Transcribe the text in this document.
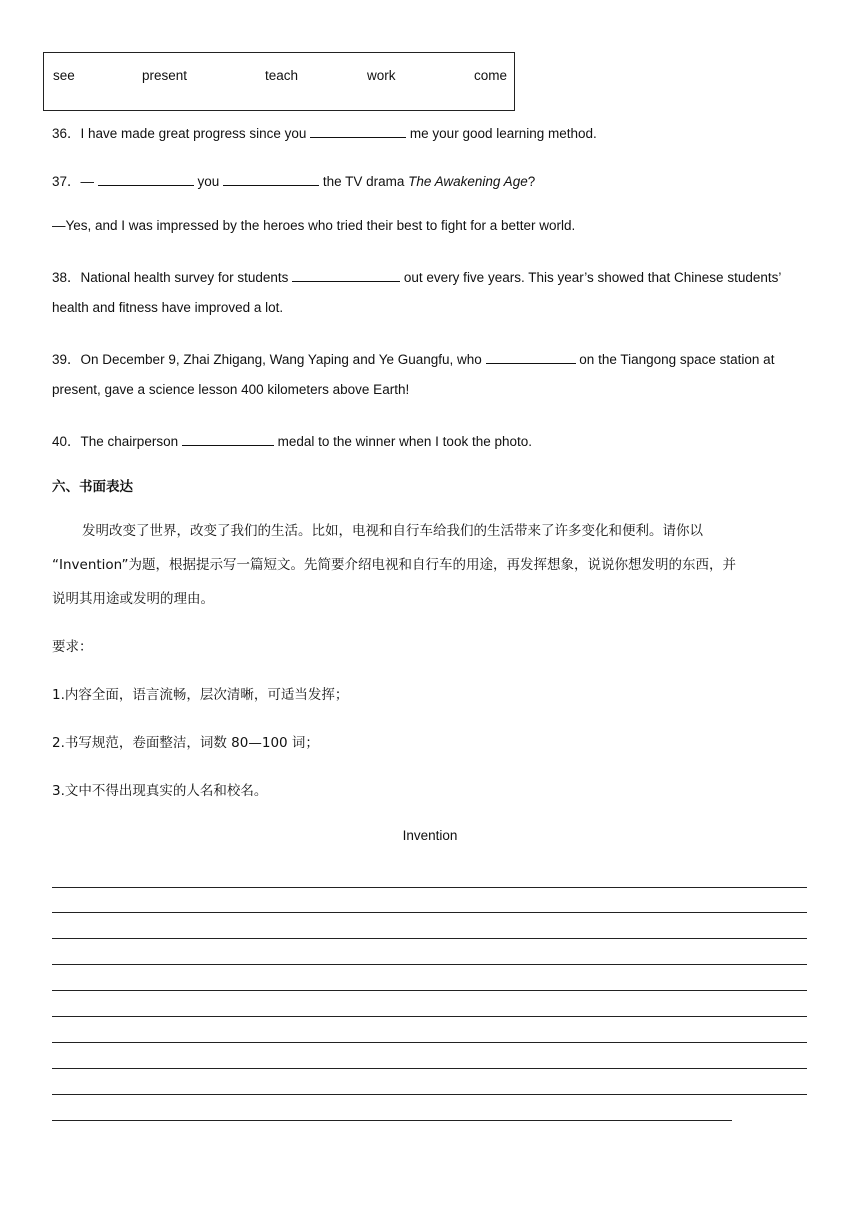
see	present	teach	work	come
36．I have made great progress since you	me your good learning method.
37．—	you	the TV drama The Awakening Age?
—Yes, and I was impressed by the heroes who tried their best to fight for a better world.
38．National health survey for students	out every five years. This year’s showed that Chinese students’
health and fitness have improved a lot.
39．On December 9, Zhai Zhigang, Wang Yaping and Ye Guangfu, who	on the Tiangong space station at
present, gave a science lesson 400 kilometers above Earth!
40．The chairperson	medal to the winner when I took the photo.
六、书面表达
发明改变了世界，改变了我们的生活。比如，电视和自行车给我们的生活带来了许多变化和便利。请你以
“Invention”为题，根据提示写一篇短文。先简要介绍电视和自行车的用途，再发挥想象，说说你想发明的东西，并
说明其用途或发明的理由。
要求：
1.内容全面，语言流畅，层次清晰，可适当发挥；
2.书写规范，卷面整洁，词数 80—100 词；
3.文中不得出现真实的人名和校名。
Invention
